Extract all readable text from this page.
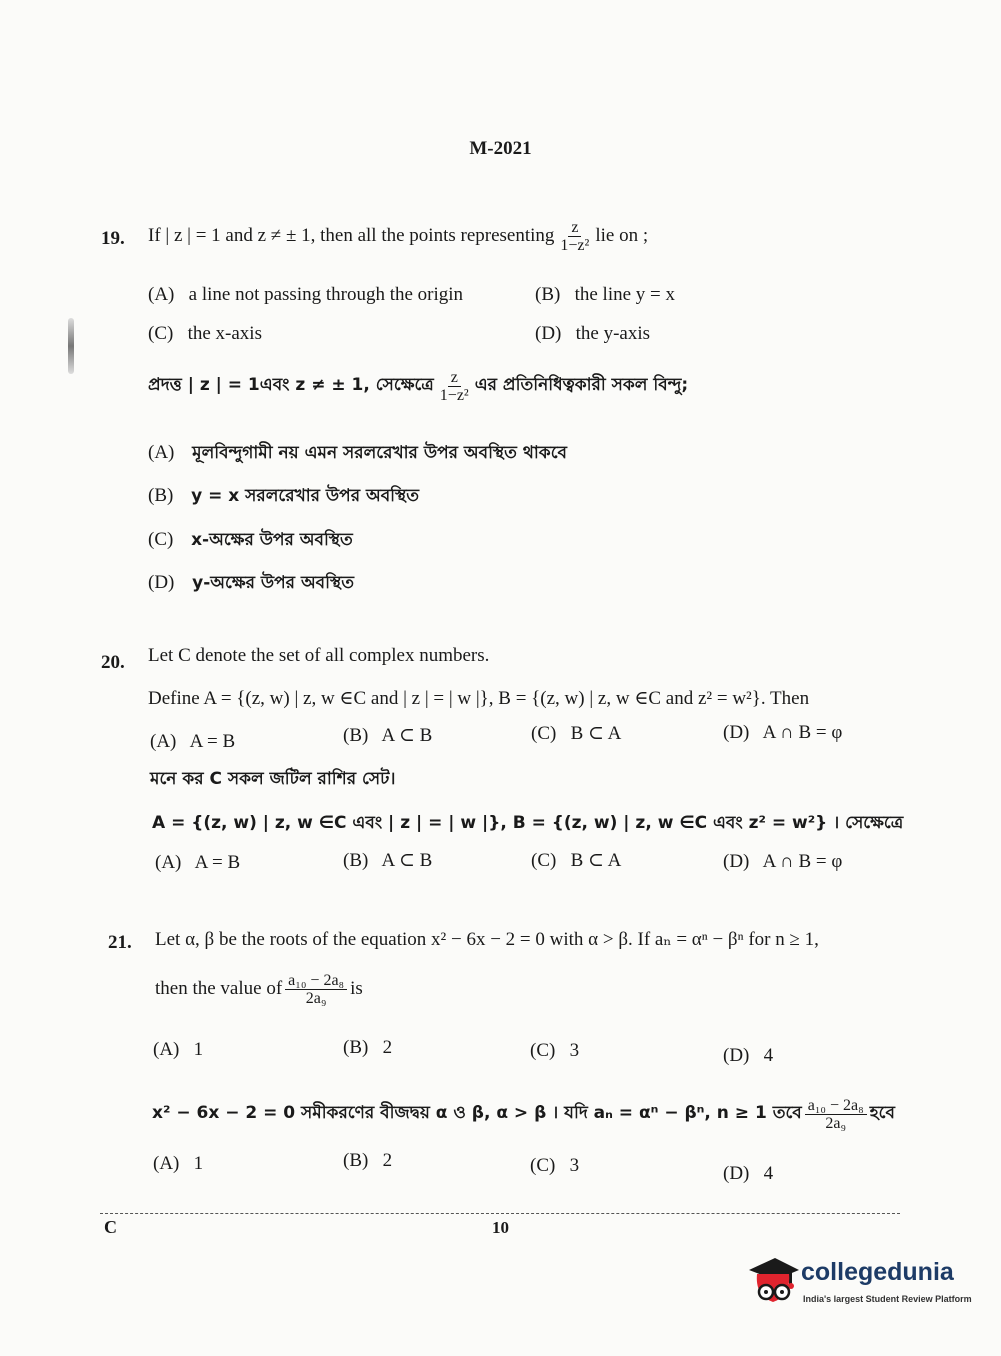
M-2021
19. If | z | = 1 and z ≠ ± 1, then all the points representing $\frac{z}{\text{1−z²}}$ lie on ;
(A) a line not passing through the origin	(B) the line y = x
(C) the x-axis	(D) the y-axis
প্রদত্ত | z | = 1এবং z ≠ ± 1, সেক্ষেত্রে $\frac{z}{\text{1−z²}}$ এর প্রতিনিধিত্বকারী সকল বিন্দু;
(A) মূলবিন্দুগামী নয় এমন সরলরেখার উপর অবস্থিত থাকবে
(B) y = x সরলরেখার উপর অবস্থিত
(C) x-অক্ষের উপর অবস্থিত
(D) y-অক্ষের উপর অবস্থিত
20. Let C denote the set of all complex numbers.
Define A = {(z, w) | z, w ∈C and | z | = | w |}, B = {(z, w) | z, w ∈C and z² = w²}. Then
(A) A = B	(B) A ⊂ B	(C) B ⊂ A	(D) A ∩ B = φ
মনে কর C সকল জটিল রাশির সেট।
A = {(z, w) | z, w ∈C এবং | z | = | w |}, B = {(z, w) | z, w ∈C এবং z² = w²} । সেক্ষেত্রে
(A) A = B	(B) A ⊂ B	(C) B ⊂ A	(D) A ∩ B = φ
21. Let α, β be the roots of the equation x² − 6x − 2 = 0 with α > β. If aₙ = αⁿ − βⁿ for n ≥ 1,
then the value of $\frac{\text{a₁₀ − 2a₈}}{\text{2a₉}}$ is
(A) 1	(B) 2	(C) 3	(D) 4
x² − 6x − 2 = 0 সমীকরণের বীজদ্বয় α ও β, α > β । যদি aₙ = αⁿ − βⁿ, n ≥ 1 তবে $\frac{\text{a₁₀ − 2a₈}}{\text{2a₉}}$ হবে
(A) 1	(B) 2	(C) 3	(D) 4
C	10
collegedunia
India's largest Student Review Platform
